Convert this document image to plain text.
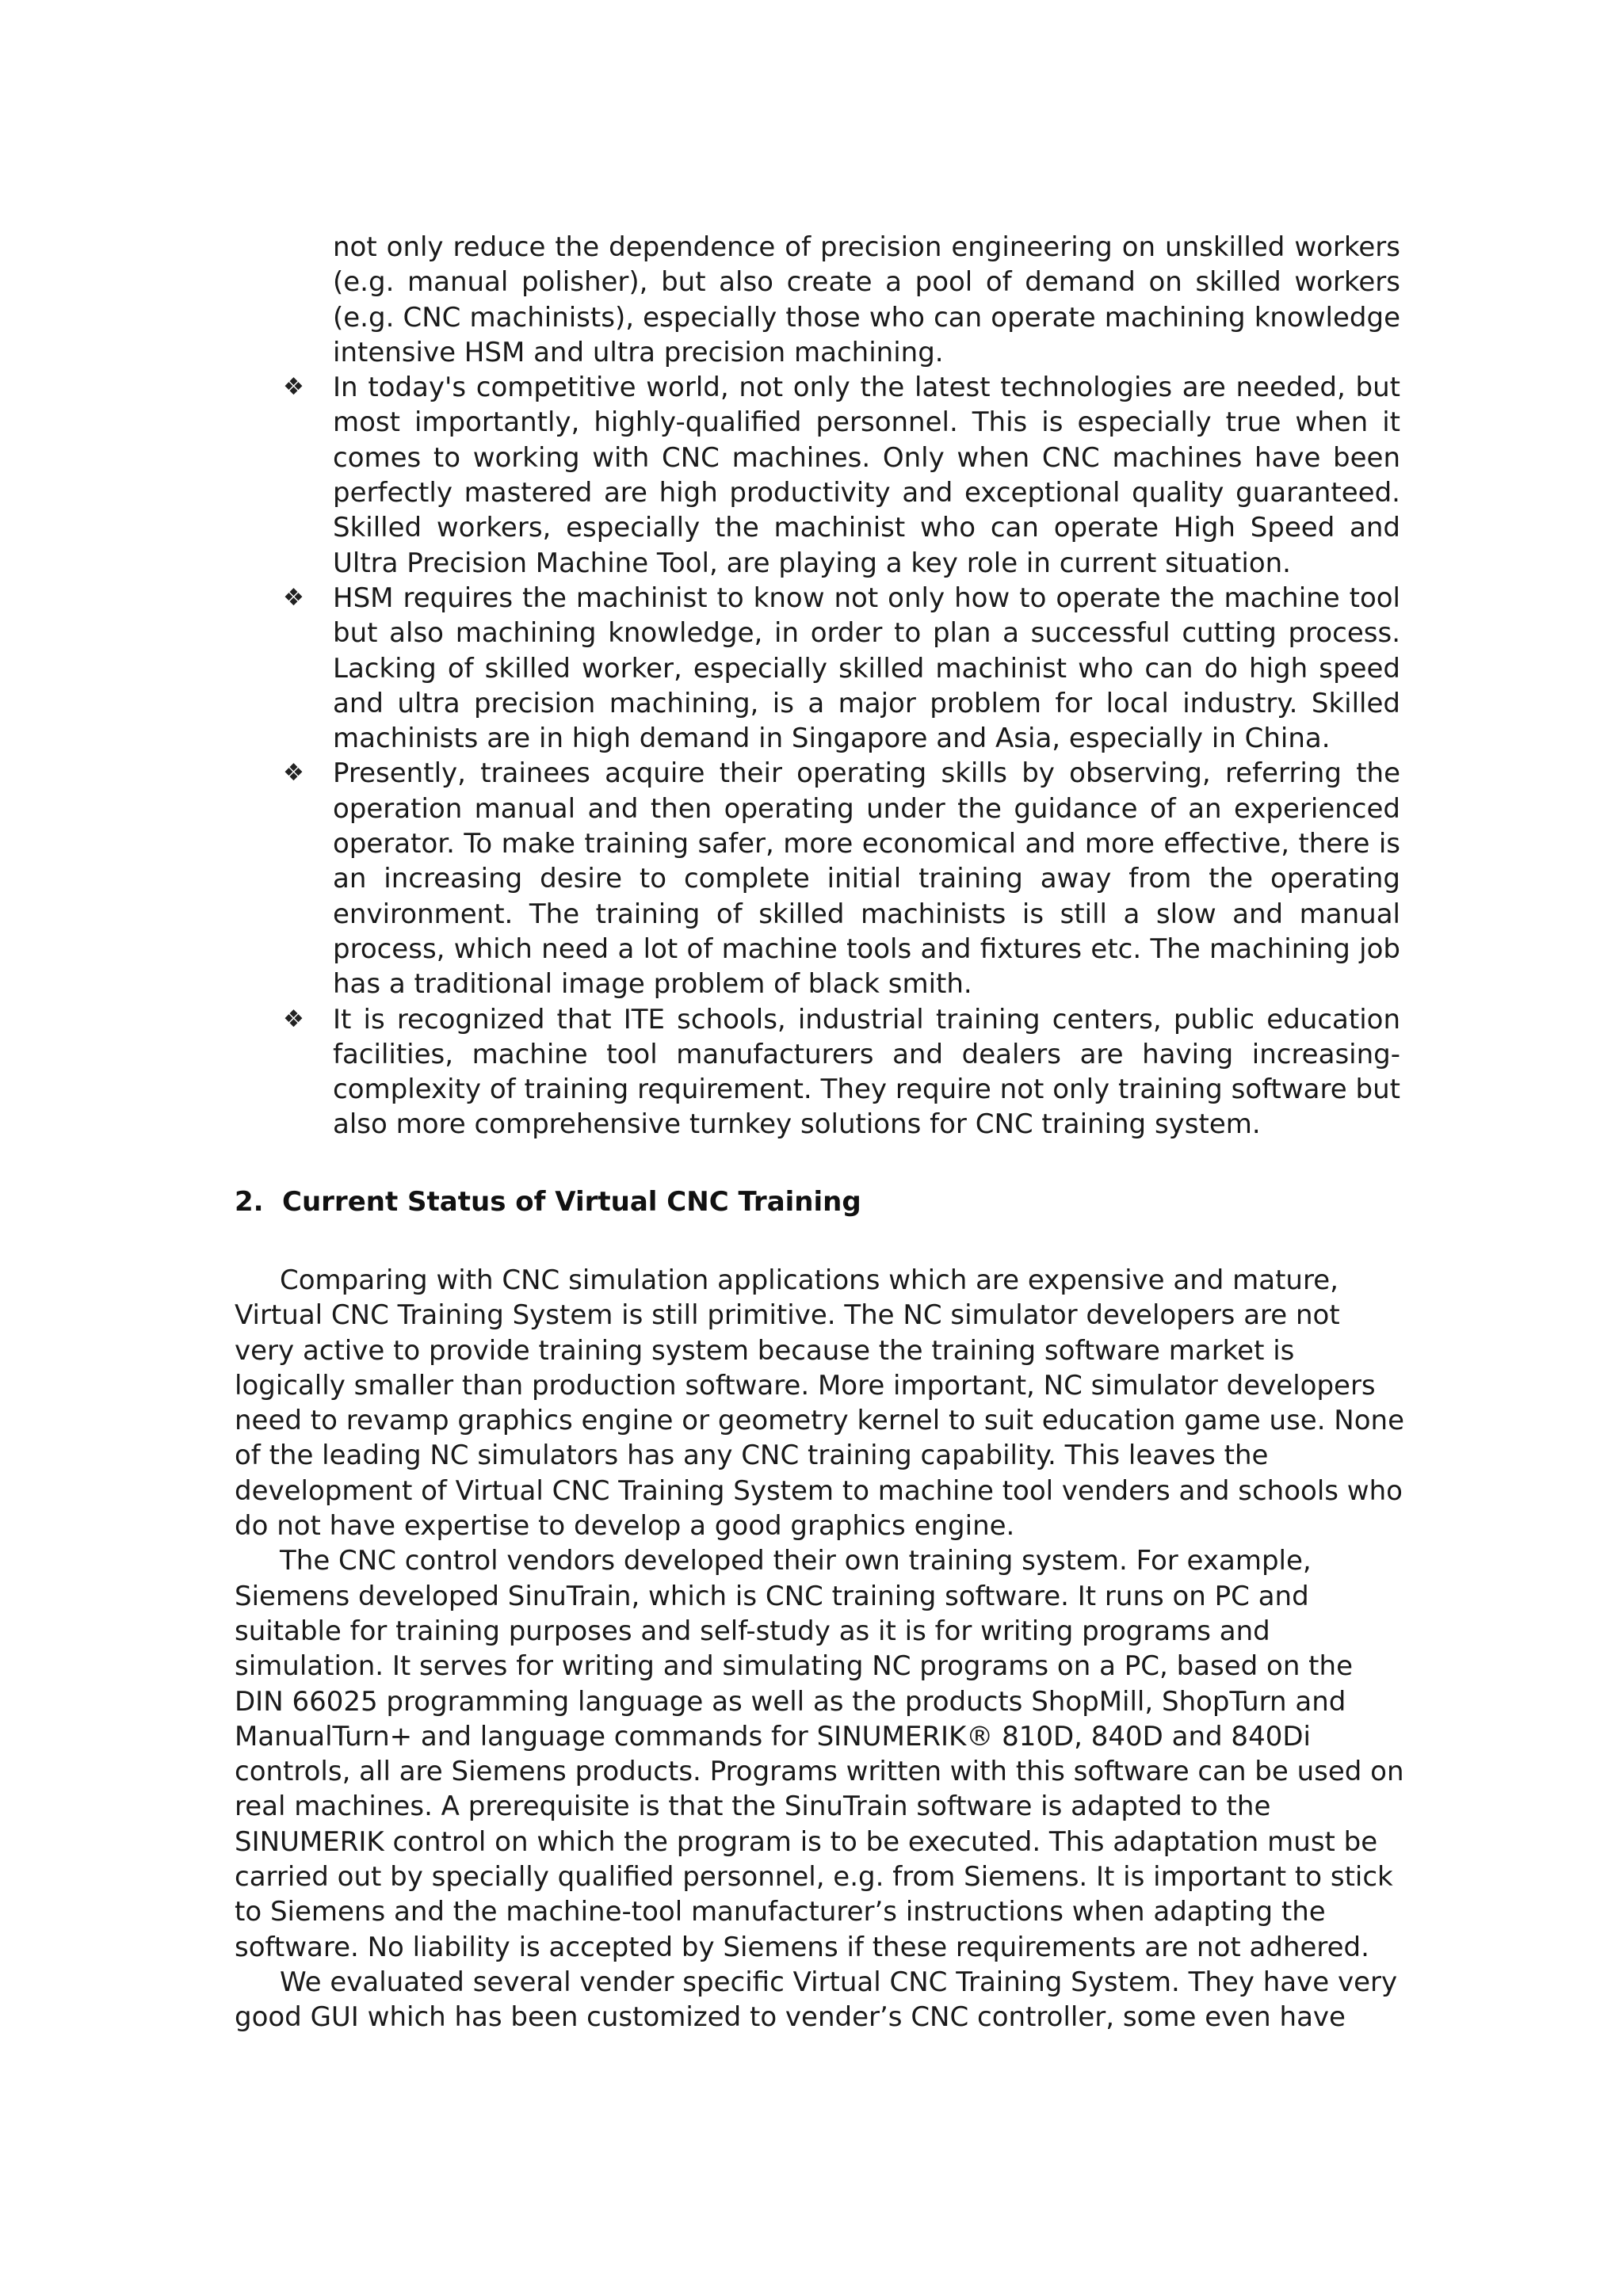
not only reduce the dependence of precision engineering on unskilled workers (e.g. manual polisher), but also create a pool of demand on skilled workers (e.g. CNC machinists), especially those who can operate machining knowledge intensive HSM and ultra precision machining.
❖ In today's competitive world, not only the latest technologies are needed, but most importantly, highly-qualified personnel. This is especially true when it comes to working with CNC machines. Only when CNC machines have been perfectly mastered are high productivity and exceptional quality guaranteed. Skilled workers, especially the machinist who can operate High Speed and Ultra Precision Machine Tool, are playing a key role in current situation.
❖ HSM requires the machinist to know not only how to operate the machine tool but also machining knowledge, in order to plan a successful cutting process. Lacking of skilled worker, especially skilled machinist who can do high speed and ultra precision machining, is a major problem for local industry. Skilled machinists are in high demand in Singapore and Asia, especially in China.
❖ Presently, trainees acquire their operating skills by observing, referring the operation manual and then operating under the guidance of an experienced operator. To make training safer, more economical and more effective, there is an increasing desire to complete initial training away from the operating environment. The training of skilled machinists is still a slow and manual process, which need a lot of machine tools and fixtures etc. The machining job has a traditional image problem of black smith.
❖ It is recognized that ITE schools, industrial training centers, public education facilities, machine tool manufacturers and dealers are having increasing-complexity of training requirement. They require not only training software but also more comprehensive turnkey solutions for CNC training system.
2. Current Status of Virtual CNC Training

Comparing with CNC simulation applications which are expensive and mature, Virtual CNC Training System is still primitive. The NC simulator developers are not very active to provide training system because the training software market is logically smaller than production software. More important, NC simulator developers need to revamp graphics engine or geometry kernel to suit education game use. None of the leading NC simulators has any CNC training capability. This leaves the development of Virtual CNC Training System to machine tool venders and schools who do not have expertise to develop a good graphics engine.

The CNC control vendors developed their own training system. For example, Siemens developed SinuTrain, which is CNC training software. It runs on PC and suitable for training purposes and self-study as it is for writing programs and simulation. It serves for writing and simulating NC programs on a PC, based on the DIN 66025 programming language as well as the products ShopMill, ShopTurn and ManualTurn+ and language commands for SINUMERIK® 810D, 840D and 840Di controls, all are Siemens products. Programs written with this software can be used on real machines. A prerequisite is that the SinuTrain software is adapted to the SINUMERIK control on which the program is to be executed. This adaptation must be carried out by specially qualified personnel, e.g. from Siemens. It is important to stick to Siemens and the machine-tool manufacturer’s instructions when adapting the software. No liability is accepted by Siemens if these requirements are not adhered.

We evaluated several vender specific Virtual CNC Training System. They have very good GUI which has been customized to vender’s CNC controller, some even have
